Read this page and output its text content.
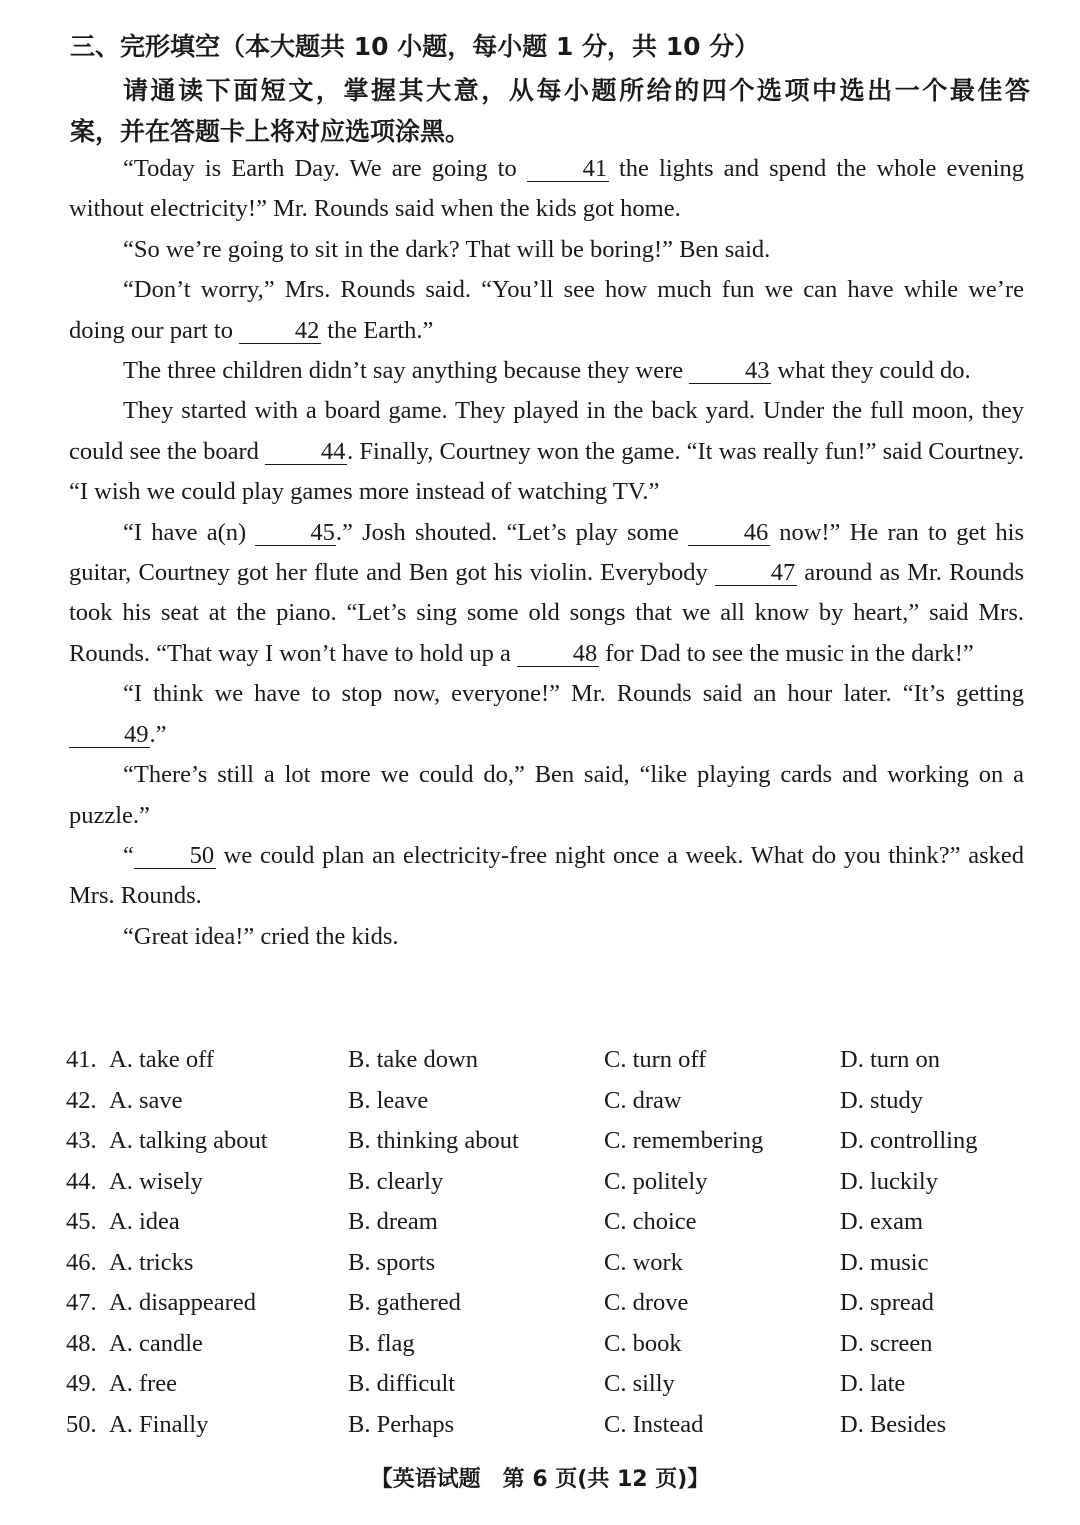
三、完形填空（本大题共 10 小题，每小题 1 分，共 10 分）
请通读下面短文，掌握其大意，从每小题所给的四个选项中选出一个最佳答
案，并在答题卡上将对应选项涂黑。

“Today is Earth Day. We are going to 41 the lights and spend the whole evening without electricity!” Mr. Rounds said when the kids got home.

“So we’re going to sit in the dark? That will be boring!” Ben said.

“Don’t worry,” Mrs. Rounds said. “You’ll see how much fun we can have while we’re doing our part to 42 the Earth.”

The three children didn’t say anything because they were 43 what they could do.

They started with a board game. They played in the back yard. Under the full moon, they could see the board 44. Finally, Courtney won the game. “It was really fun!” said Courtney. “I wish we could play games more instead of watching TV.”

“I have a(n) 45.” Josh shouted. “Let’s play some 46 now!” He ran to get his guitar, Courtney got her flute and Ben got his violin. Everybody 47 around as Mr. Rounds took his seat at the piano. “Let’s sing some old songs that we all know by heart,” said Mrs. Rounds. “That way I won’t have to hold up a 48 for Dad to see the music in the dark!”

“I think we have to stop now, everyone!” Mr. Rounds said an hour later. “It’s getting 49.”

“There’s still a lot more we could do,” Ben said, “like playing cards and working on a puzzle.”

“ 50 we could plan an electricity-free night once a week. What do you think?” asked Mrs. Rounds.

“Great idea!” cried the kids.

41. A. take off	B. take down	C. turn off	D. turn on
42. A. save	B. leave	C. draw	D. study
43. A. talking about	B. thinking about	C. remembering	D. controlling
44. A. wisely	B. clearly	C. politely	D. luckily
45. A. idea	B. dream	C. choice	D. exam
46. A. tricks	B. sports	C. work	D. music
47. A. disappeared	B. gathered	C. drove	D. spread
48. A. candle	B. flag	C. book	D. screen
49. A. free	B. difficult	C. silly	D. late
50. A. Finally	B. Perhaps	C. Instead	D. Besides
【英语试题　第 6 页(共 12 页)】
